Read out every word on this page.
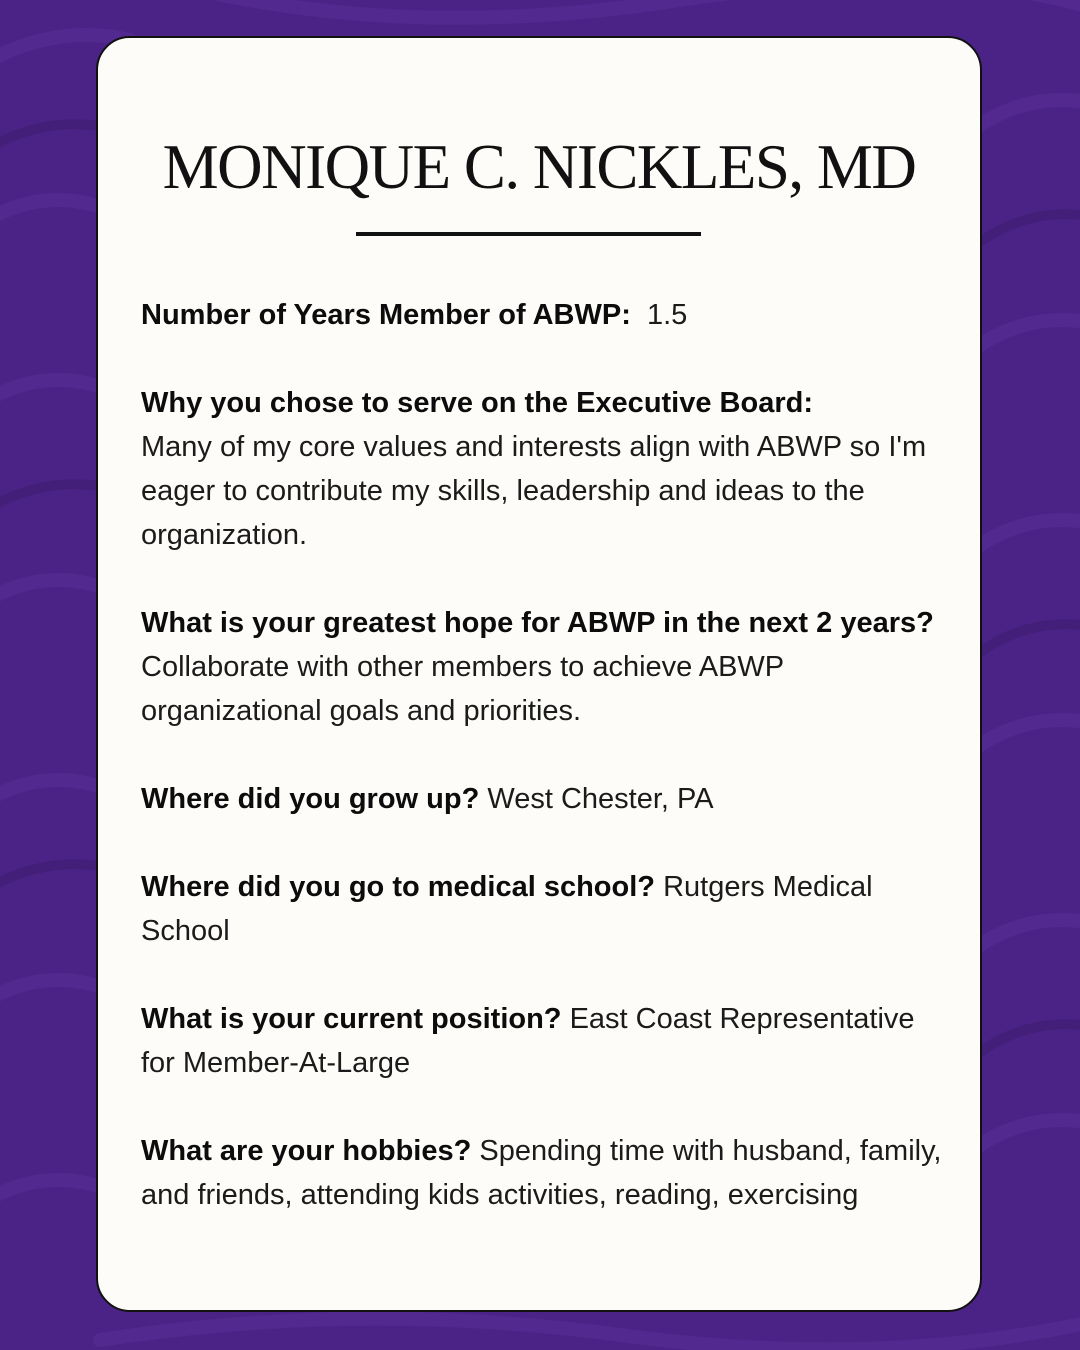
MONIQUE C. NICKLES, MD

Number of Years Member of ABWP: 1.5

Why you chose to serve on the Executive Board:
Many of my core values and interests align with ABWP so I'm eager to contribute my skills, leadership and ideas to the organization.

What is your greatest hope for ABWP in the next 2 years? Collaborate with other members to achieve ABWP organizational goals and priorities.

Where did you grow up? West Chester, PA

Where did you go to medical school? Rutgers Medical School

What is your current position? East Coast Representative for Member-At-Large

What are your hobbies? Spending time with husband, family, and friends, attending kids activities, reading, exercising
